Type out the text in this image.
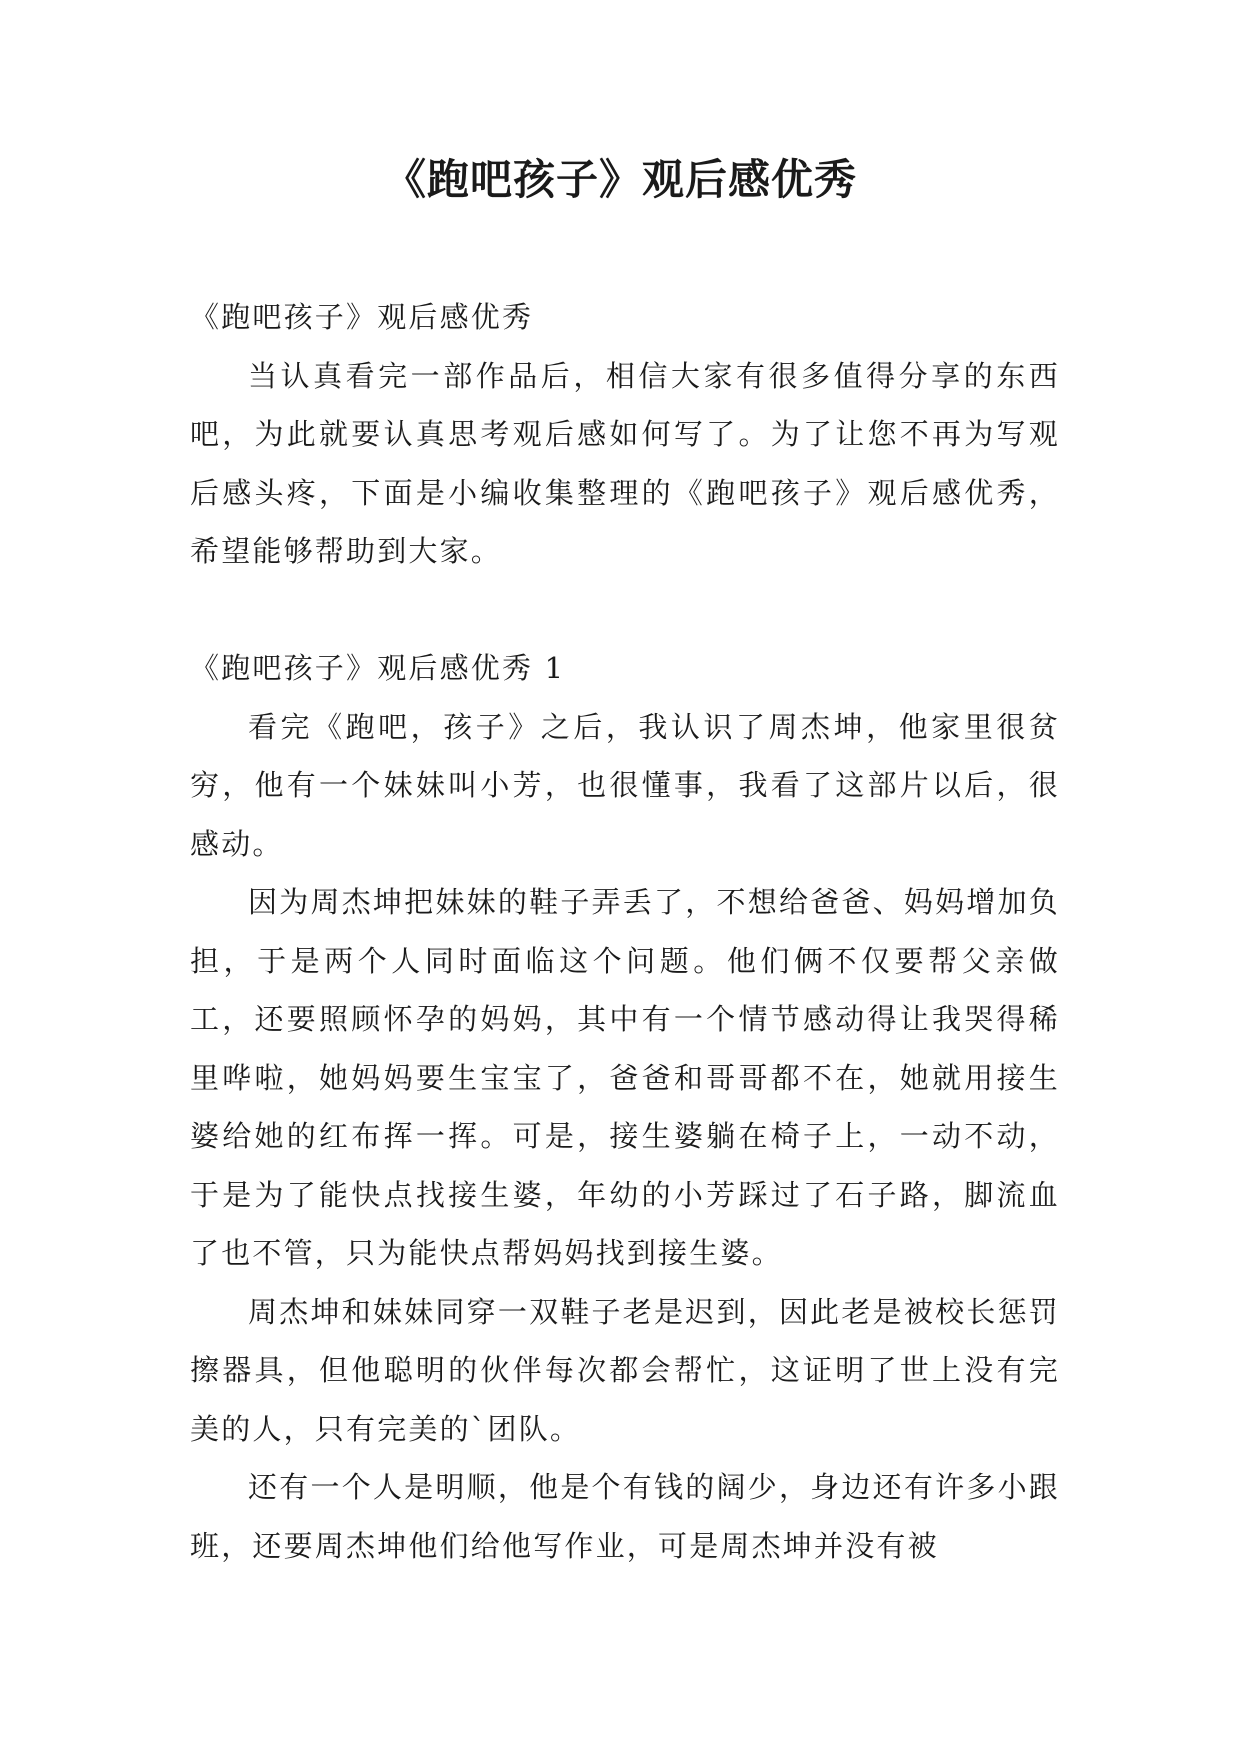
《跑吧孩子》观后感优秀

《跑吧孩子》观后感优秀

当认真看完一部作品后，相信大家有很多值得分享的东西吧，为此就要认真思考观后感如何写了。为了让您不再为写观后感头疼，下面是小编收集整理的《跑吧孩子》观后感优秀，希望能够帮助到大家。

《跑吧孩子》观后感优秀 1

看完《跑吧，孩子》之后，我认识了周杰坤，他家里很贫穷，他有一个妹妹叫小芳，也很懂事，我看了这部片以后，很感动。

因为周杰坤把妹妹的鞋子弄丢了，不想给爸爸、妈妈增加负担，于是两个人同时面临这个问题。他们俩不仅要帮父亲做工，还要照顾怀孕的妈妈，其中有一个情节感动得让我哭得稀里哗啦，她妈妈要生宝宝了，爸爸和哥哥都不在，她就用接生婆给她的红布挥一挥。可是，接生婆躺在椅子上，一动不动，于是为了能快点找接生婆，年幼的小芳踩过了石子路，脚流血了也不管，只为能快点帮妈妈找到接生婆。

周杰坤和妹妹同穿一双鞋子老是迟到，因此老是被校长惩罚擦器具，但他聪明的伙伴每次都会帮忙，这证明了世上没有完美的人，只有完美的`团队。

还有一个人是明顺，他是个有钱的阔少，身边还有许多小跟班，还要周杰坤他们给他写作业，可是周杰坤并没有被
